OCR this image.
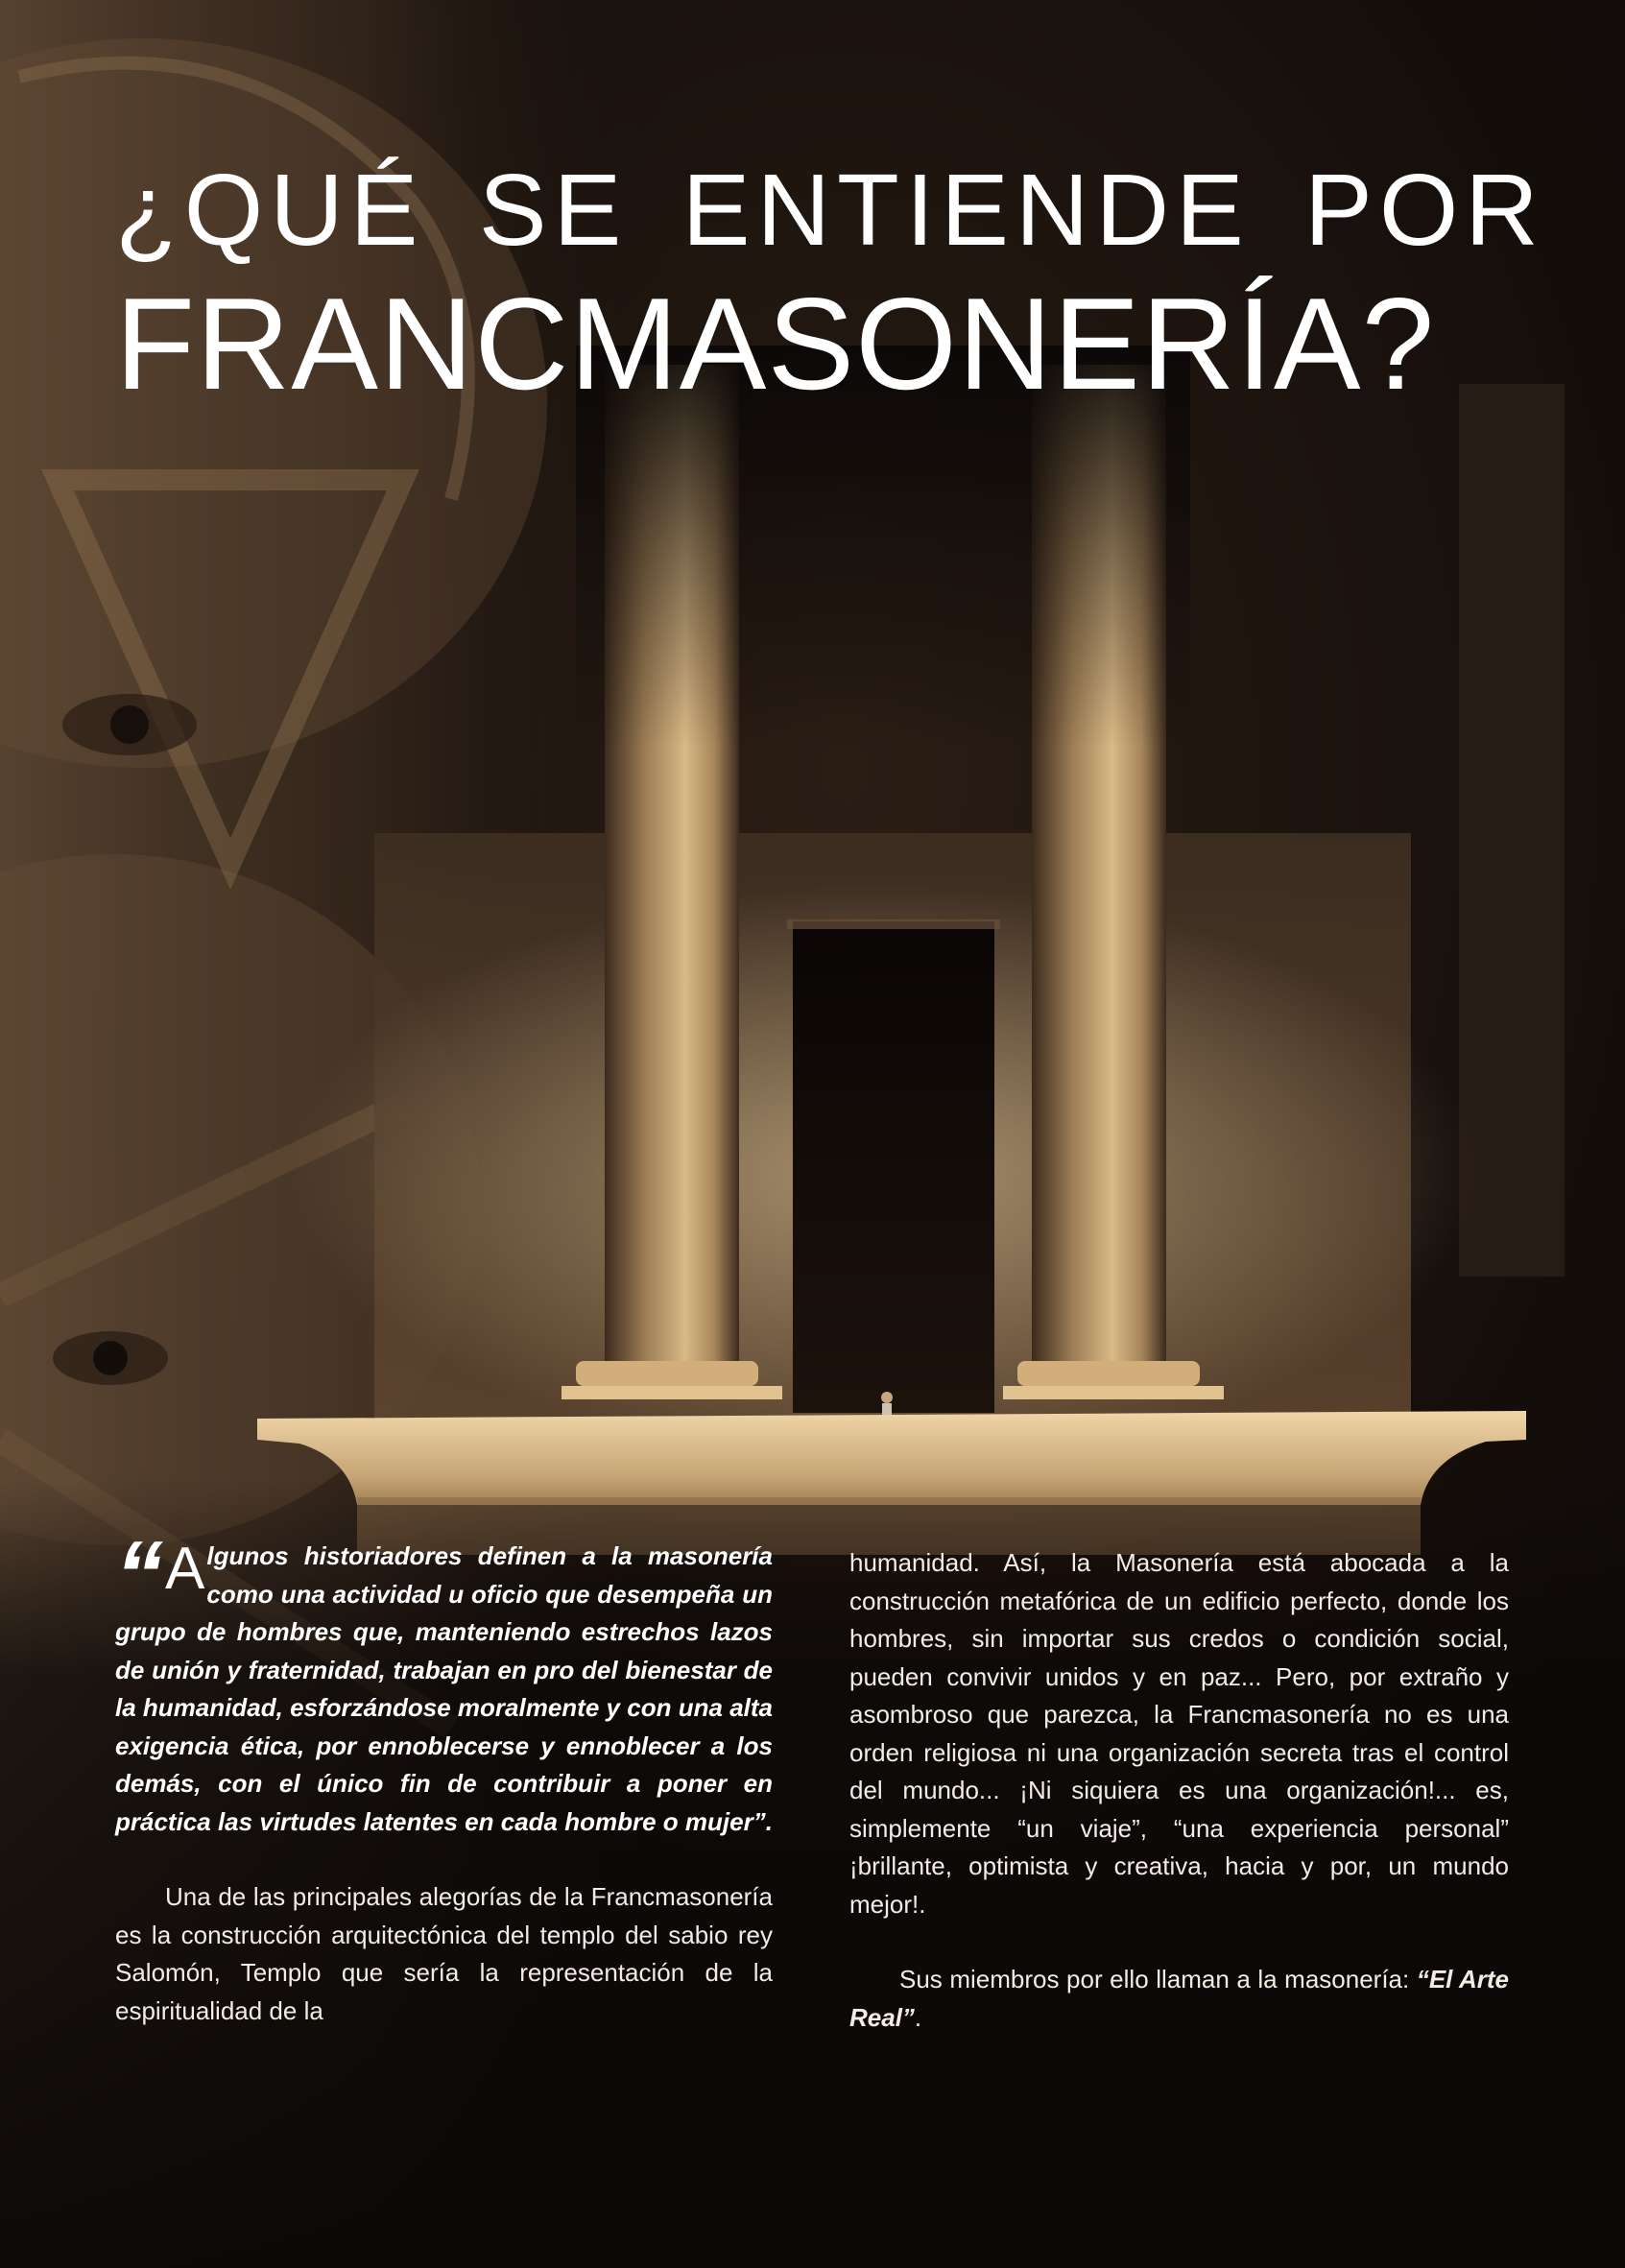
¿QUÉ SE ENTIENDE POR
FRANCMASONERÍA?

“ A lgunos historiadores definen a la masonería como una actividad u oficio que desempeña un grupo de hombres que, manteniendo estrechos lazos de unión y fraternidad, trabajan en pro del bienestar de la humanidad, esforzándose moralmente y con una alta exigencia ética, por ennoblecerse y ennoblecer a los demás, con el único fin de contribuir a poner en práctica las virtudes latentes en cada hombre o mujer”.

Una de las principales alegorías de la Francmasonería es la construcción arquitectónica del templo del sabio rey Salomón, Templo que sería la representación de la espiritualidad de la

humanidad. Así, la Masonería está abocada a la construcción metafórica de un edificio perfecto, donde los hombres, sin importar sus credos o condición social, pueden convivir unidos y en paz... Pero, por extraño y asombroso que parezca, la Francmasonería no es una orden religiosa ni una organización secreta tras el control del mundo... ¡Ni siquiera es una organización!... es, simplemente “un viaje”, “una experiencia personal” ¡brillante, optimista y creativa, hacia y por, un mundo mejor!.

Sus miembros por ello llaman a la masonería: “El Arte Real”.
